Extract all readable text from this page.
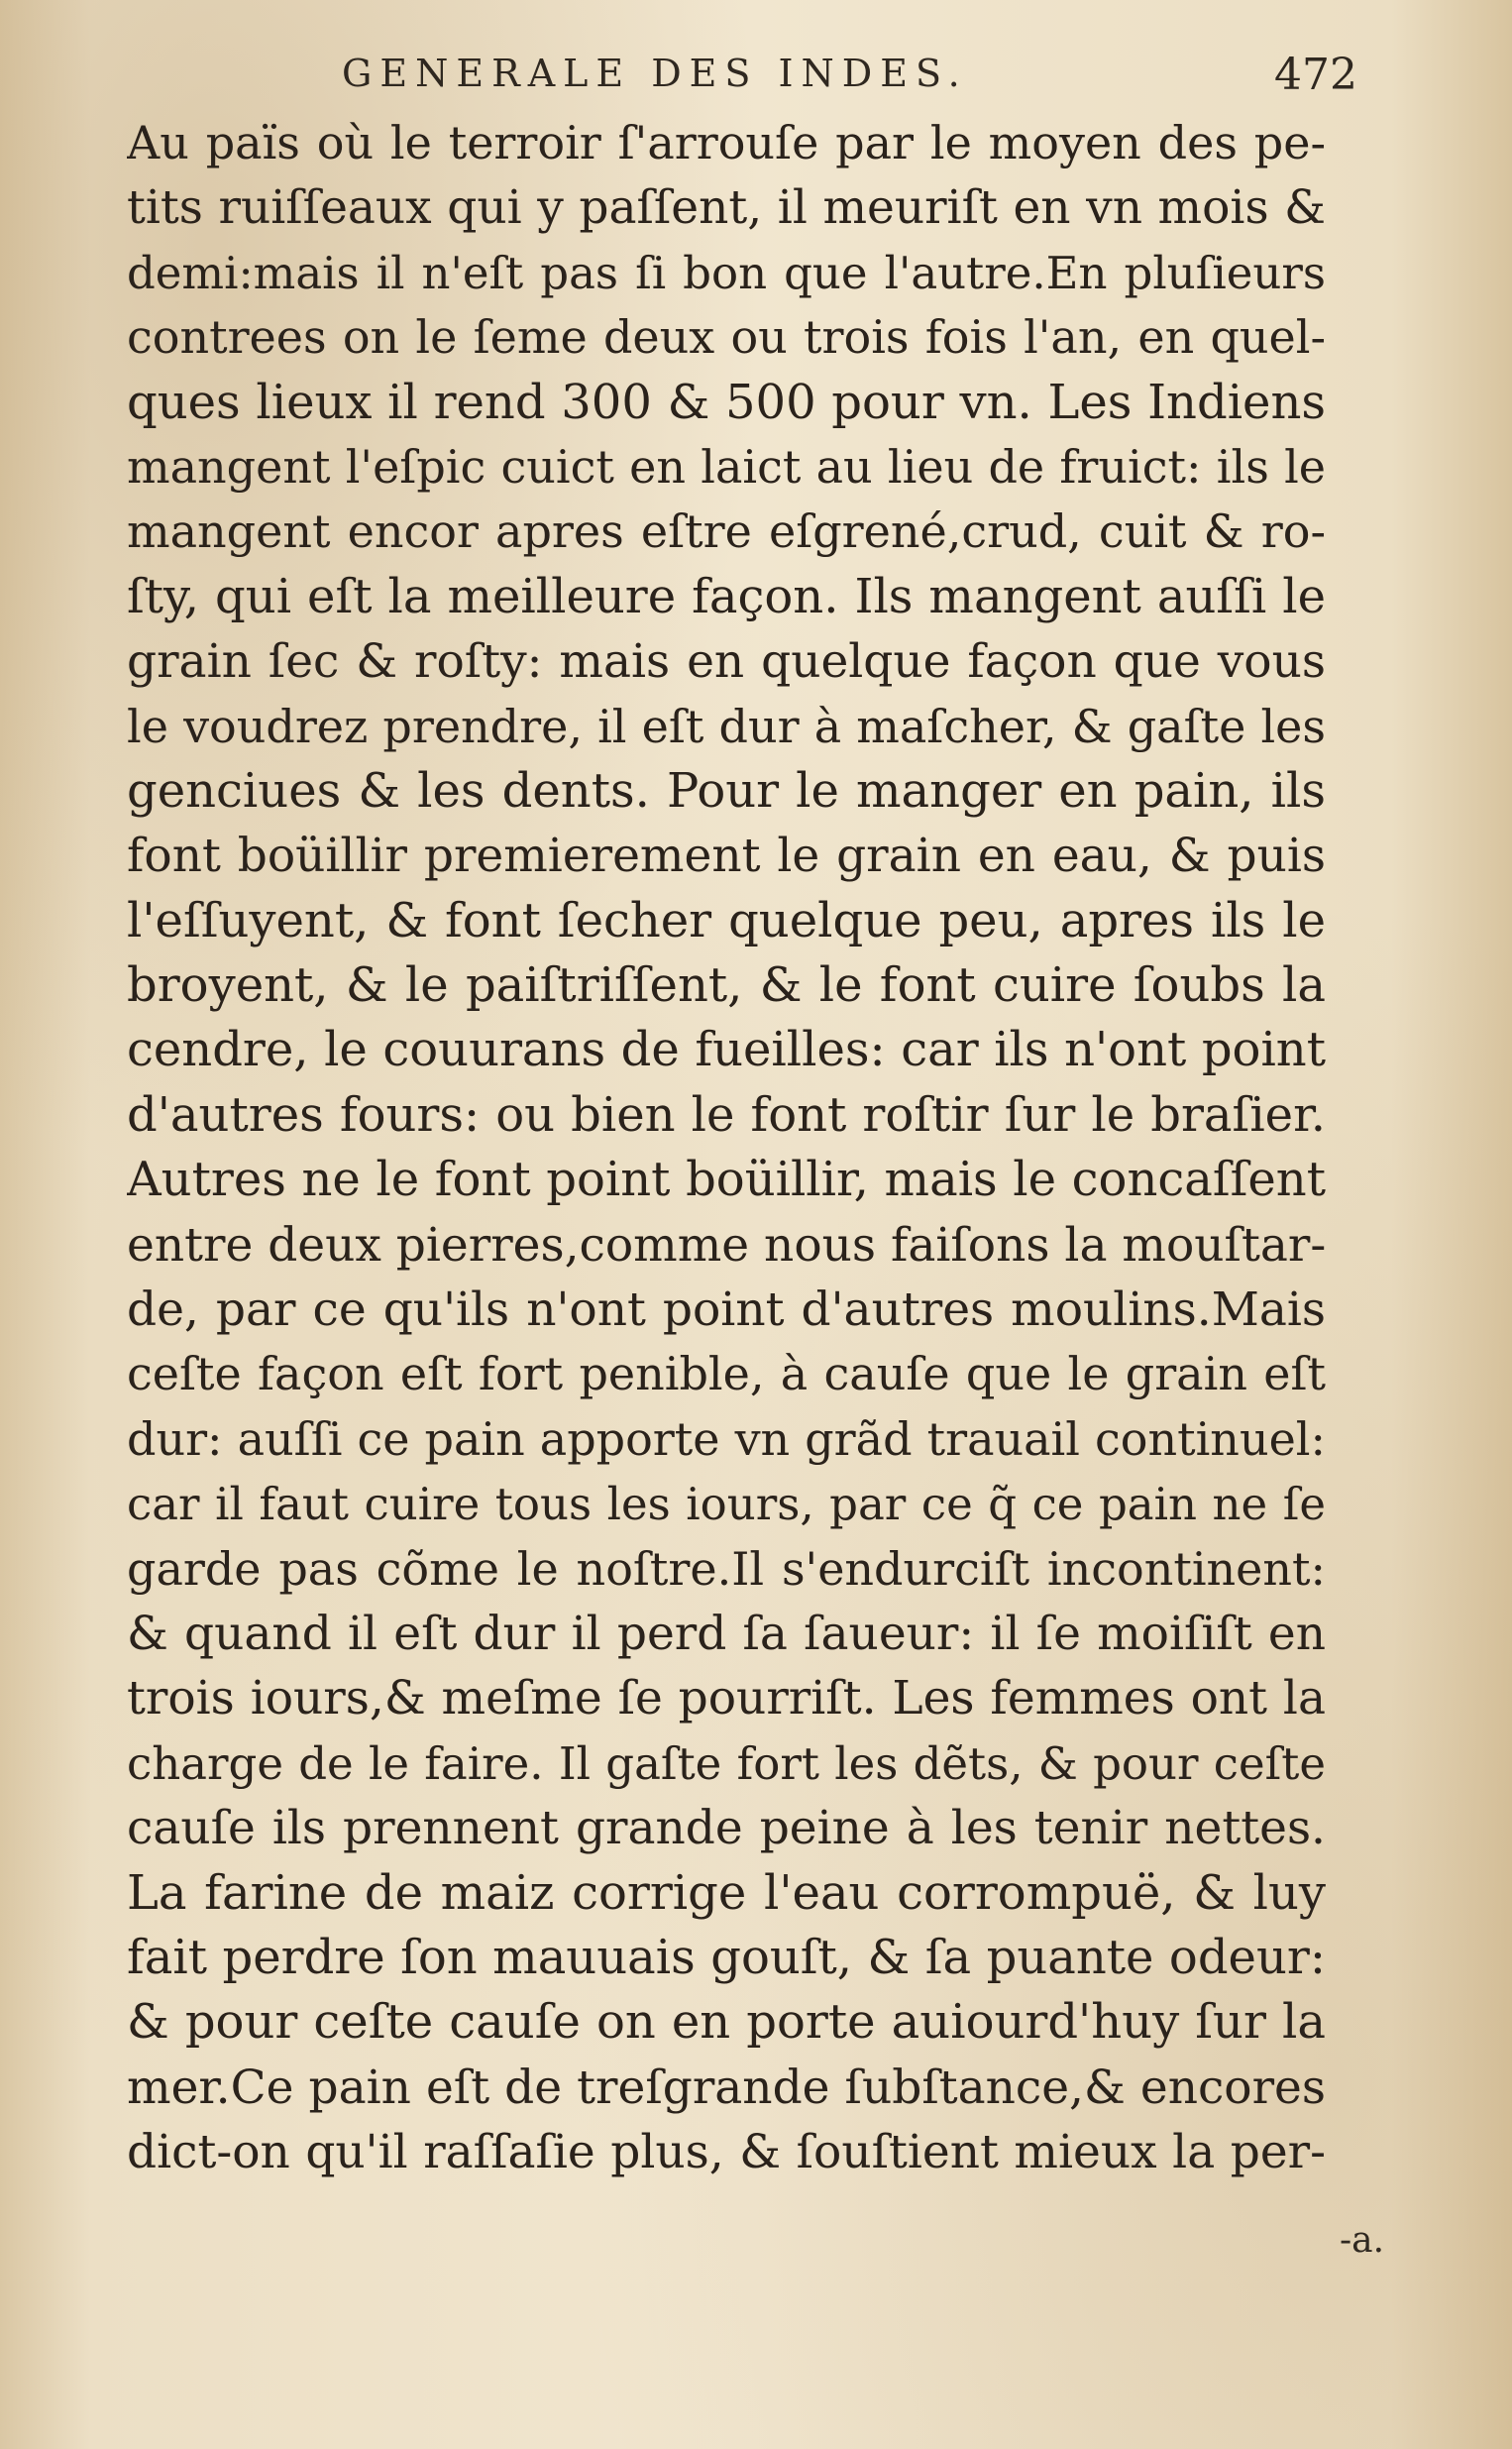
GENERALE DES INDES.	472
Au païs où le terroir ſ'arrouſe par le moyen des pe-
tits ruiſſeaux qui y paſſent, il meuriſt en vn mois &
demi:mais il n'eſt pas ſi bon que l'autre.En pluſieurs
contrees on le ſeme deux ou trois fois l'an, en quel-
ques lieux il rend 300 & 500 pour vn. Les Indiens
mangent l'eſpic cuict en laict au lieu de fruict: ils le
mangent encor apres eſtre eſgrené,crud, cuit & ro-
ſty, qui eſt la meilleure façon. Ils mangent auſſi le
grain ſec & roſty: mais en quelque façon que vous
le voudrez prendre, il eſt dur à maſcher, & gaſte les
genciues & les dents. Pour le manger en pain, ils
font boüillir premierement le grain en eau, & puis
l'eſſuyent, & font ſecher quelque peu, apres ils le
broyent, & le paiſtriſſent, & le font cuire ſoubs la
cendre, le couurans de fueilles: car ils n'ont point
d'autres fours: ou bien le font roſtir ſur le braſier.
Autres ne le font point boüillir, mais le concaſſent
entre deux pierres,comme nous faiſons la mouſtar-
de, par ce qu'ils n'ont point d'autres moulins.Mais
ceſte façon eſt fort penible, à cauſe que le grain eſt
dur: auſſi ce pain apporte vn grãd trauail continuel:
car il faut cuire tous les iours, par ce q̃ ce pain ne ſe
garde pas cõme le noſtre.Il s'endurciſt incontinent:
& quand il eſt dur il perd ſa ſaueur: il ſe moiſiſt en
trois iours,& meſme ſe pourriſt. Les femmes ont la
charge de le faire. Il gaſte fort les dẽts, & pour ceſte
cauſe ils prennent grande peine à les tenir nettes.
La farine de maiz corrige l'eau corrompuë, & luy
fait perdre ſon mauuais gouſt, & ſa puante odeur:
& pour ceſte cauſe on en porte auiourd'huy ſur la
mer.Ce pain eſt de treſgrande ſubſtance,& encores
dict-on qu'il raſſaſie plus, & ſouſtient mieux la per-
-a.
